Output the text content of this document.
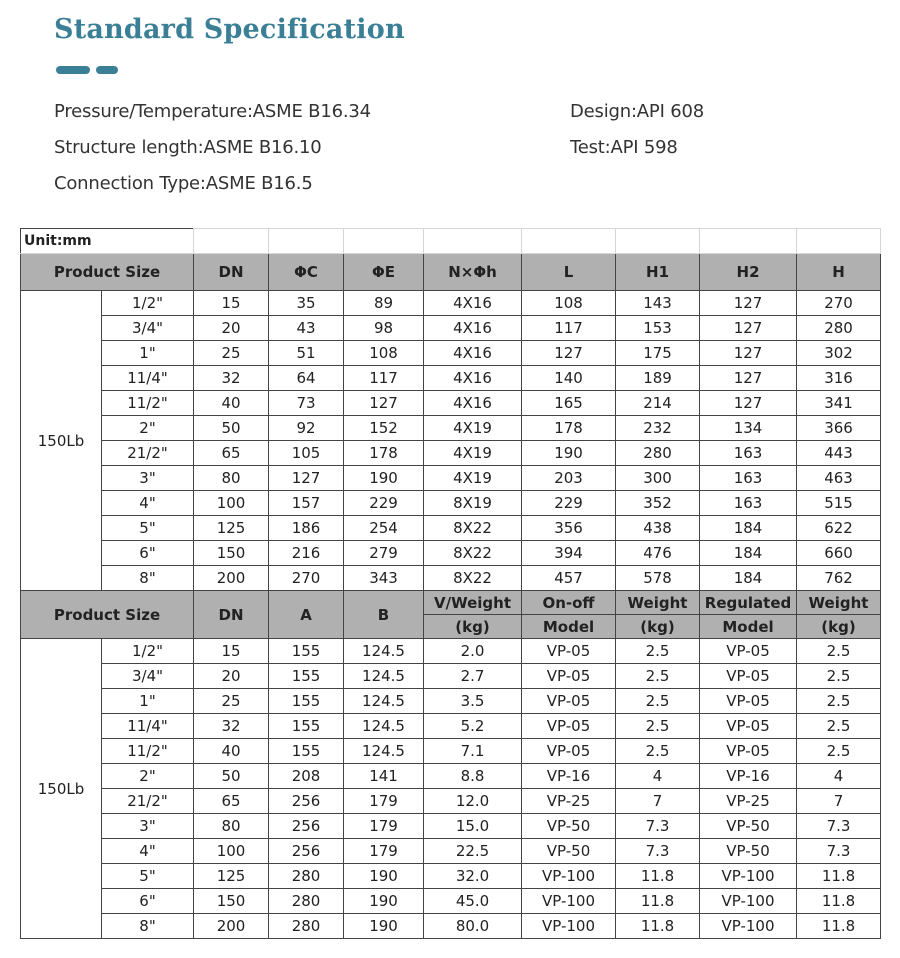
Standard Specification
Pressure/Temperature:ASME B16.34
Structure length:ASME B16.10
Connection Type:ASME B16.5
Design:API 608
Test:API 598
Unit:mm									
Product Size		DN	ΦC	ΦE	N×Φh	L	H1	H2	H
150Lb	1/2"	15	35	89	4X16	108	143	127	270
	3/4"	20	43	98	4X16	117	153	127	280
	1"	25	51	108	4X16	127	175	127	302
	11/4"	32	64	117	4X16	140	189	127	316
	11/2"	40	73	127	4X16	165	214	127	341
	2"	50	92	152	4X19	178	232	134	366
	21/2"	65	105	178	4X19	190	280	163	443
	3"	80	127	190	4X19	203	300	163	463
	4"	100	157	229	8X19	229	352	163	515
	5"	125	186	254	8X22	356	438	184	622
	6"	150	216	279	8X22	394	476	184	660
	8"	200	270	343	8X22	457	578	184	762
Product Size		DN	A	B	V/Weight	On-off	Weight	Regulated	Weight
					(kg)	Model	(kg)	Model	(kg)
150Lb	1/2"	15	155	124.5	2.0	VP-05	2.5	VP-05	2.5
	3/4"	20	155	124.5	2.7	VP-05	2.5	VP-05	2.5
	1"	25	155	124.5	3.5	VP-05	2.5	VP-05	2.5
	11/4"	32	155	124.5	5.2	VP-05	2.5	VP-05	2.5
	11/2"	40	155	124.5	7.1	VP-05	2.5	VP-05	2.5
	2"	50	208	141	8.8	VP-16	4	VP-16	4
	21/2"	65	256	179	12.0	VP-25	7	VP-25	7
	3"	80	256	179	15.0	VP-50	7.3	VP-50	7.3
	4"	100	256	179	22.5	VP-50	7.3	VP-50	7.3
	5"	125	280	190	32.0	VP-100	11.8	VP-100	11.8
	6"	150	280	190	45.0	VP-100	11.8	VP-100	11.8
	8"	200	280	190	80.0	VP-100	11.8	VP-100	11.8
